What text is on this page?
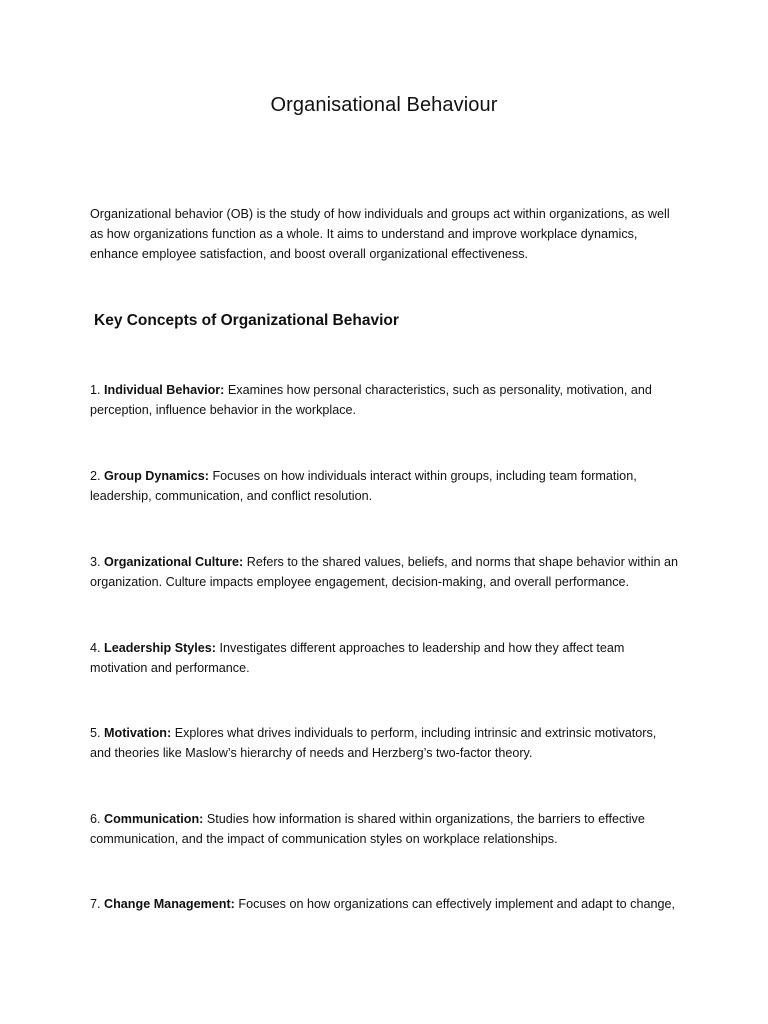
Organisational Behaviour

Organizational behavior (OB) is the study of how individuals and groups act within organizations, as well as how organizations function as a whole. It aims to understand and improve workplace dynamics, enhance employee satisfaction, and boost overall organizational effectiveness.

Key Concepts of Organizational Behavior

1. Individual Behavior: Examines how personal characteristics, such as personality, motivation, and perception, influence behavior in the workplace.

2. Group Dynamics: Focuses on how individuals interact within groups, including team formation, leadership, communication, and conflict resolution.

3. Organizational Culture: Refers to the shared values, beliefs, and norms that shape behavior within an organization. Culture impacts employee engagement, decision-making, and overall performance.

4. Leadership Styles: Investigates different approaches to leadership and how they affect team motivation and performance.

5. Motivation: Explores what drives individuals to perform, including intrinsic and extrinsic motivators, and theories like Maslow’s hierarchy of needs and Herzberg’s two-factor theory.

6. Communication: Studies how information is shared within organizations, the barriers to effective communication, and the impact of communication styles on workplace relationships.

7. Change Management: Focuses on how organizations can effectively implement and adapt to change,
